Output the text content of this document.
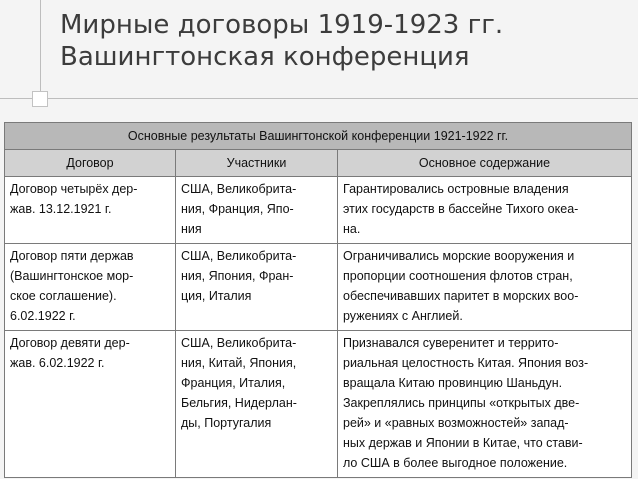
Мирные договоры 1919-1923 гг.
Вашингтонская конференция
Основные результаты Вашингтонской конференции 1921-1922 гг.
Договор	Участники	Основное содержание
Договор четырёх дер-
жав. 13.12.1921 г.
США, Великобрита-
ния, Франция, Япо-
ния
Гарантировались островные владения
этих государств в бассейне Тихого океа-
на.
Договор пяти держав
(Вашингтонское мор-
ское соглашение).
6.02.1922 г.
США, Великобрита-
ния, Япония, Фран-
ция, Италия
Ограничивались морские вооружения и
пропорции соотношения флотов стран,
обеспечивавших паритет в морских воо-
ружениях с Англией.
Договор девяти дер-
жав. 6.02.1922 г.
США, Великобрита-
ния, Китай, Япония,
Франция, Италия,
Бельгия, Нидерлан-
ды, Португалия
Признавался суверенитет и террито-
риальная целостность Китая. Япония воз-
вращала Китаю провинцию Шаньдун.
Закреплялись принципы «открытых две-
рей» и «равных возможностей» запад-
ных держав и Японии в Китае, что стави-
ло США в более выгодное положение.
